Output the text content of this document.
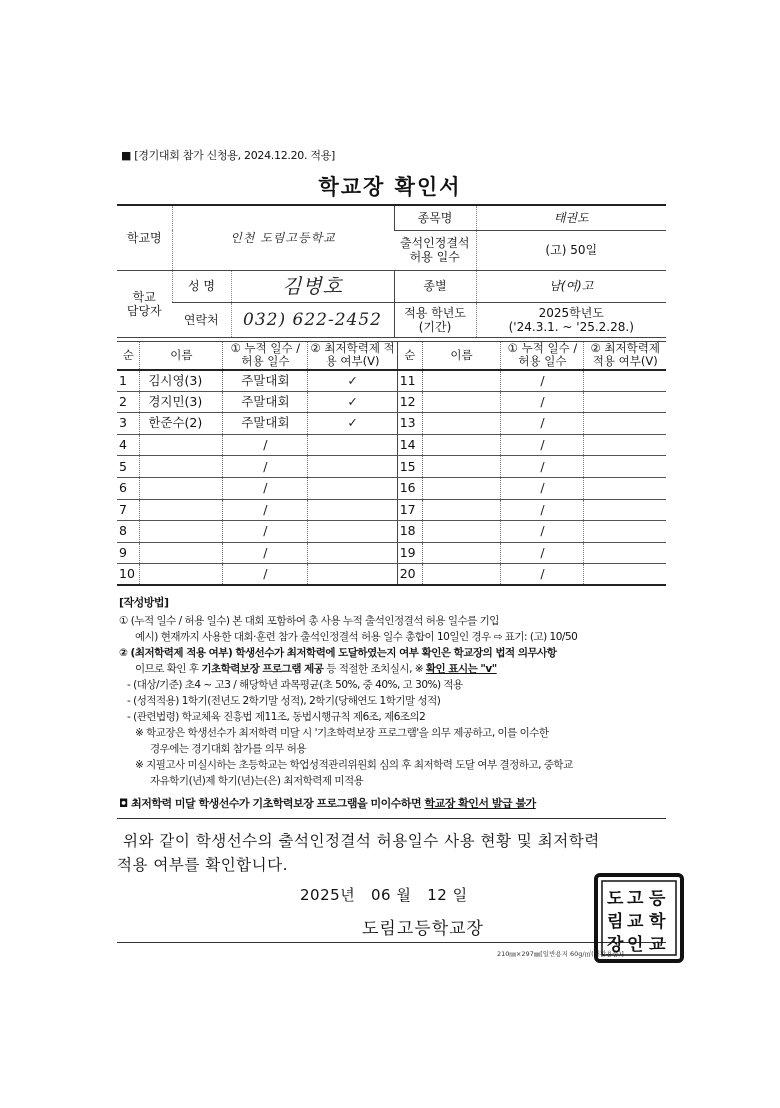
■ [경기대회 참가 신청용, 2024.12.20. 적용]
학교장 확인서
학교명	인천 도림고등학교		종목명	태권도
			출석인정결석 허용 일수	(고) 50일
학교 담당자	성 명	김병호	종별	남(여)고
	연락처	032) 622-2452	적용 학년도 (기간)	2025학년도
('24.3.1. ~ '25.2.28.)
순	이름	① 누적 일수 / 허용 일수	② 최저학력제 적용 여부(V)	순	이름	① 누적 일수 / 허용 일수	② 최저학력제 적용 여부(V)
1	김시영(3)	주말대회	✓	11		/	
2	경지민(3)	주말대회	✓	12		/	
3	한준수(2)	주말대회	✓	13		/	
4		/		14		/	
5		/		15		/	
6		/		16		/	
7		/		17		/	
8		/		18		/	
9		/		19		/	
10		/		20		/	
[작성방법]
① (누적 일수 / 허용 일수) 본 대회 포함하여 총 사용 누적 출석인정결석 허용 일수를 기입
예시) 현재까지 사용한 대회·훈련 참가 출석인정결석 허용 일수 총합이 10일인 경우 ⇨ 표기: (고) 10/50
② (최저학력제 적용 여부) 학생선수가 최저학력에 도달하였는지 여부 확인은 학교장의 법적 의무사항
이므로 확인 후 기초학력보장 프로그램 제공 등 적절한 조치실시, ※ 확인 표시는 "v"
- (대상/기준) 초4 ~ 고3 / 해당학년 과목평균(초 50%, 중 40%, 고 30%) 적용
- (성적적용) 1학기(전년도 2학기말 성적), 2학기(당해연도 1학기말 성적)
- (관련법령) 학교체육 진흥법 제11조, 동법시행규칙 제6조, 제6조의2
※ 학교장은 학생선수가 최저학력 미달 시 '기초학력보장 프로그램'을 의무 제공하고, 이를 이수한
경우에는 경기대회 참가를 의무 허용
※ 지필고사 미실시하는 초등학교는 학업성적관리위원회 심의 후 최저학력 도달 여부 결정하고, 중학교
자유학기(년)제 학기(년)는(은) 최저학력제 미적용
◘ 최저학력 미달 학생선수가 기초학력보장 프로그램을 미이수하면 학교장 확인서 발급 불가
위와 같이 학생선수의 출석인정결석 허용일수 사용 현황 및 최저학력
적용 여부를 확인합니다.
2025년 06 월 12 일
도림고등학교장
210㎜×297㎜[일반용지 60g/㎡(재활용품)]
도 고 등
림 교 학
장 인 교
